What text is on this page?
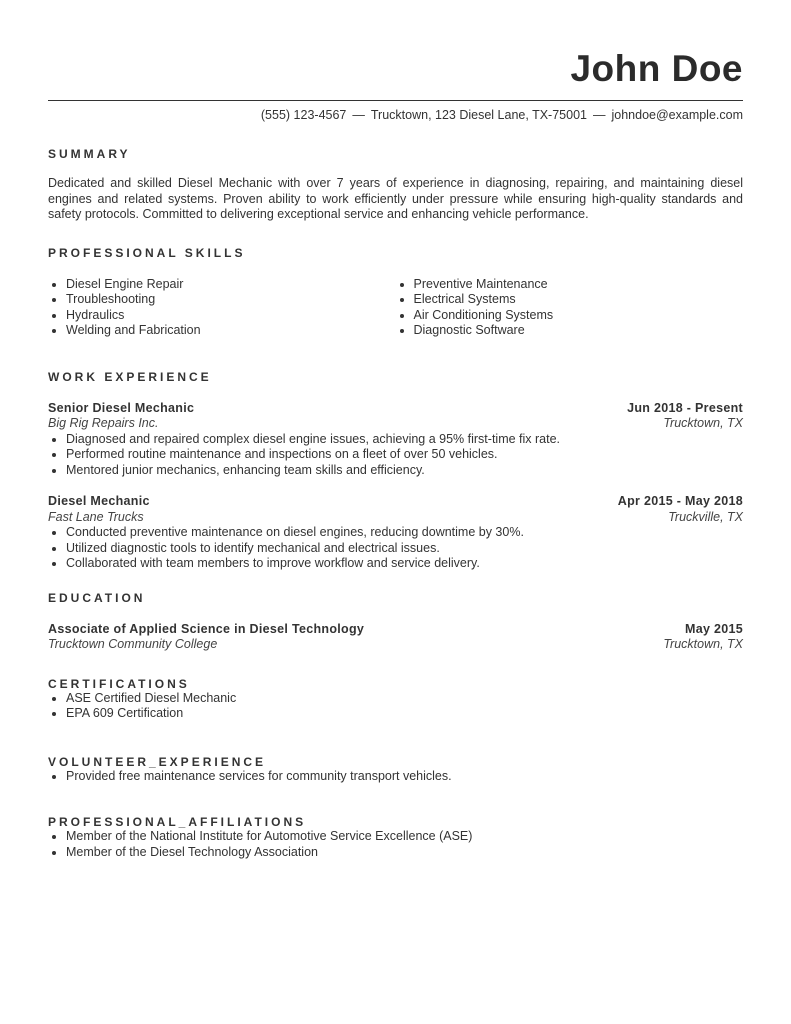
John Doe
(555) 123-4567 — Trucktown, 123 Diesel Lane, TX-75001 — johndoe@example.com
SUMMARY
Dedicated and skilled Diesel Mechanic with over 7 years of experience in diagnosing, repairing, and maintaining diesel engines and related systems. Proven ability to work efficiently under pressure while ensuring high-quality standards and safety protocols. Committed to delivering exceptional service and enhancing vehicle performance.
PROFESSIONAL SKILLS
Diesel Engine Repair
Troubleshooting
Hydraulics
Welding and Fabrication
Preventive Maintenance
Electrical Systems
Air Conditioning Systems
Diagnostic Software
WORK EXPERIENCE
Senior Diesel Mechanic	Jun 2018 - Present
Big Rig Repairs Inc.	Trucktown, TX
Diagnosed and repaired complex diesel engine issues, achieving a 95% first-time fix rate.
Performed routine maintenance and inspections on a fleet of over 50 vehicles.
Mentored junior mechanics, enhancing team skills and efficiency.
Diesel Mechanic	Apr 2015 - May 2018
Fast Lane Trucks	Truckville, TX
Conducted preventive maintenance on diesel engines, reducing downtime by 30%.
Utilized diagnostic tools to identify mechanical and electrical issues.
Collaborated with team members to improve workflow and service delivery.
EDUCATION
Associate of Applied Science in Diesel Technology	May 2015
Trucktown Community College	Trucktown, TX
CERTIFICATIONS
ASE Certified Diesel Mechanic
EPA 609 Certification
VOLUNTEER_EXPERIENCE
Provided free maintenance services for community transport vehicles.
PROFESSIONAL_AFFILIATIONS
Member of the National Institute for Automotive Service Excellence (ASE)
Member of the Diesel Technology Association
